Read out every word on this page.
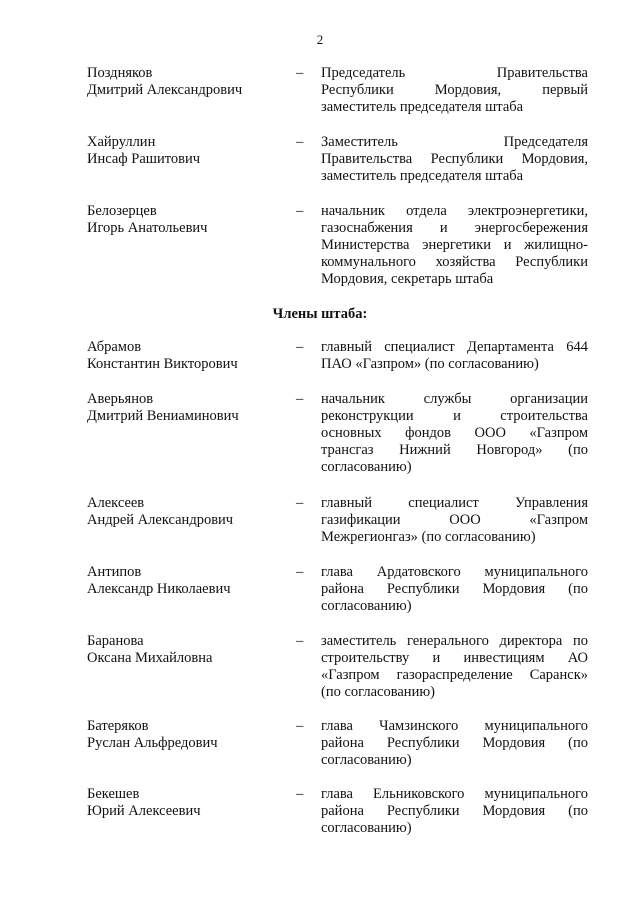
2
Поздняков
Дмитрий Александрович
– Председатель Правительства
Республики Мордовия, первый
заместитель председателя штаба
Хайруллин
Инсаф Рашитович
– Заместитель Председателя
Правительства Республики Мордовия,
заместитель председателя штаба
Белозерцев
Игорь Анатольевич
– начальник отдела электроэнергетики,
газоснабжения и энергосбережения
Министерства энергетики и жилищно-
коммунального хозяйства Республики
Мордовия, секретарь штаба
Члены штаба:
Абрамов
Константин Викторович
– главный специалист Департамента 644
ПАО «Газпром» (по согласованию)
Аверьянов
Дмитрий Вениаминович
– начальник службы организации
реконструкции и строительства
основных фондов ООО «Газпром
трансгаз Нижний Новгород» (по
согласованию)
Алексеев
Андрей Александрович
– главный специалист Управления
газификации ООО «Газпром
Межрегионгаз» (по согласованию)
Антипов
Александр Николаевич
– глава Ардатовского муниципального
района Республики Мордовия (по
согласованию)
Баранова
Оксана Михайловна
– заместитель генерального директора по
строительству и инвестициям АО
«Газпром газораспределение Саранск»
(по согласованию)
Батеряков
Руслан Альфредович
– глава Чамзинского муниципального
района Республики Мордовия (по
согласованию)
Бекешев
Юрий Алексеевич
– глава Ельниковского муниципального
района Республики Мордовия (по
согласованию)
